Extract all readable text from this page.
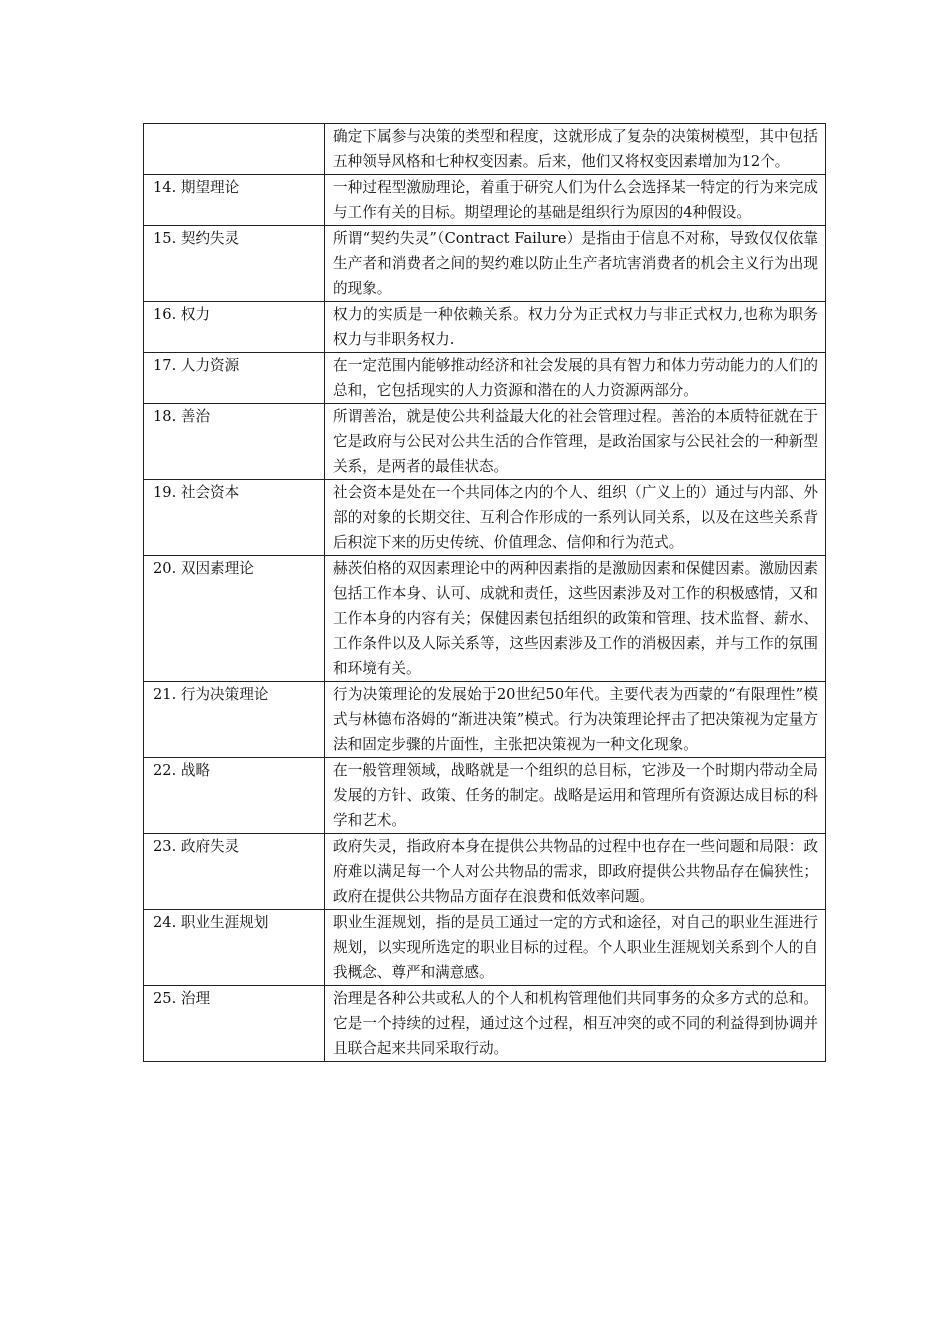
	确定下属参与决策的类型和程度，这就形成了复杂的决策树模型，其中包括五种领导风格和七种权变因素。后来，他们又将权变因素增加为12个。
14. 期望理论	一种过程型激励理论，着重于研究人们为什么会选择某一特定的行为来完成与工作有关的目标。期望理论的基础是组织行为原因的4种假设。
15. 契约失灵	所谓“契约失灵”（Contract Failure）是指由于信息不对称，导致仅仅依靠生产者和消费者之间的契约难以防止生产者坑害消费者的机会主义行为出现的现象。
16. 权力	权力的实质是一种依赖关系。权力分为正式权力与非正式权力,也称为职务权力与非职务权力.
17. 人力资源	在一定范围内能够推动经济和社会发展的具有智力和体力劳动能力的人们的总和，它包括现实的人力资源和潜在的人力资源两部分。
18. 善治	所谓善治，就是使公共利益最大化的社会管理过程。善治的本质特征就在于它是政府与公民对公共生活的合作管理，是政治国家与公民社会的一种新型关系，是两者的最佳状态。
19. 社会资本	社会资本是处在一个共同体之内的个人、组织（广义上的）通过与内部、外部的对象的长期交往、互利合作形成的一系列认同关系，以及在这些关系背后积淀下来的历史传统、价值理念、信仰和行为范式。
20. 双因素理论	赫茨伯格的双因素理论中的两种因素指的是激励因素和保健因素。激励因素包括工作本身、认可、成就和责任，这些因素涉及对工作的积极感情，又和工作本身的内容有关；保健因素包括组织的政策和管理、技术监督、薪水、工作条件以及人际关系等，这些因素涉及工作的消极因素，并与工作的氛围和环境有关。
21. 行为决策理论	行为决策理论的发展始于20世纪50年代。主要代表为西蒙的“有限理性”模式与林德布洛姆的“渐进决策”模式。行为决策理论抨击了把决策视为定量方法和固定步骤的片面性，主张把决策视为一种文化现象。
22. 战略	在一般管理领域，战略就是一个组织的总目标，它涉及一个时期内带动全局发展的方针、政策、任务的制定。战略是运用和管理所有资源达成目标的科学和艺术。
23. 政府失灵	政府失灵，指政府本身在提供公共物品的过程中也存在一些问题和局限：政府难以满足每一个人对公共物品的需求，即政府提供公共物品存在偏狭性；政府在提供公共物品方面存在浪费和低效率问题。
24. 职业生涯规划	职业生涯规划，指的是员工通过一定的方式和途径，对自己的职业生涯进行规划，以实现所选定的职业目标的过程。个人职业生涯规划关系到个人的自我概念、尊严和满意感。
25. 治理	治理是各种公共或私人的个人和机构管理他们共同事务的众多方式的总和。它是一个持续的过程，通过这个过程，相互冲突的或不同的利益得到协调并且联合起来共同采取行动。
